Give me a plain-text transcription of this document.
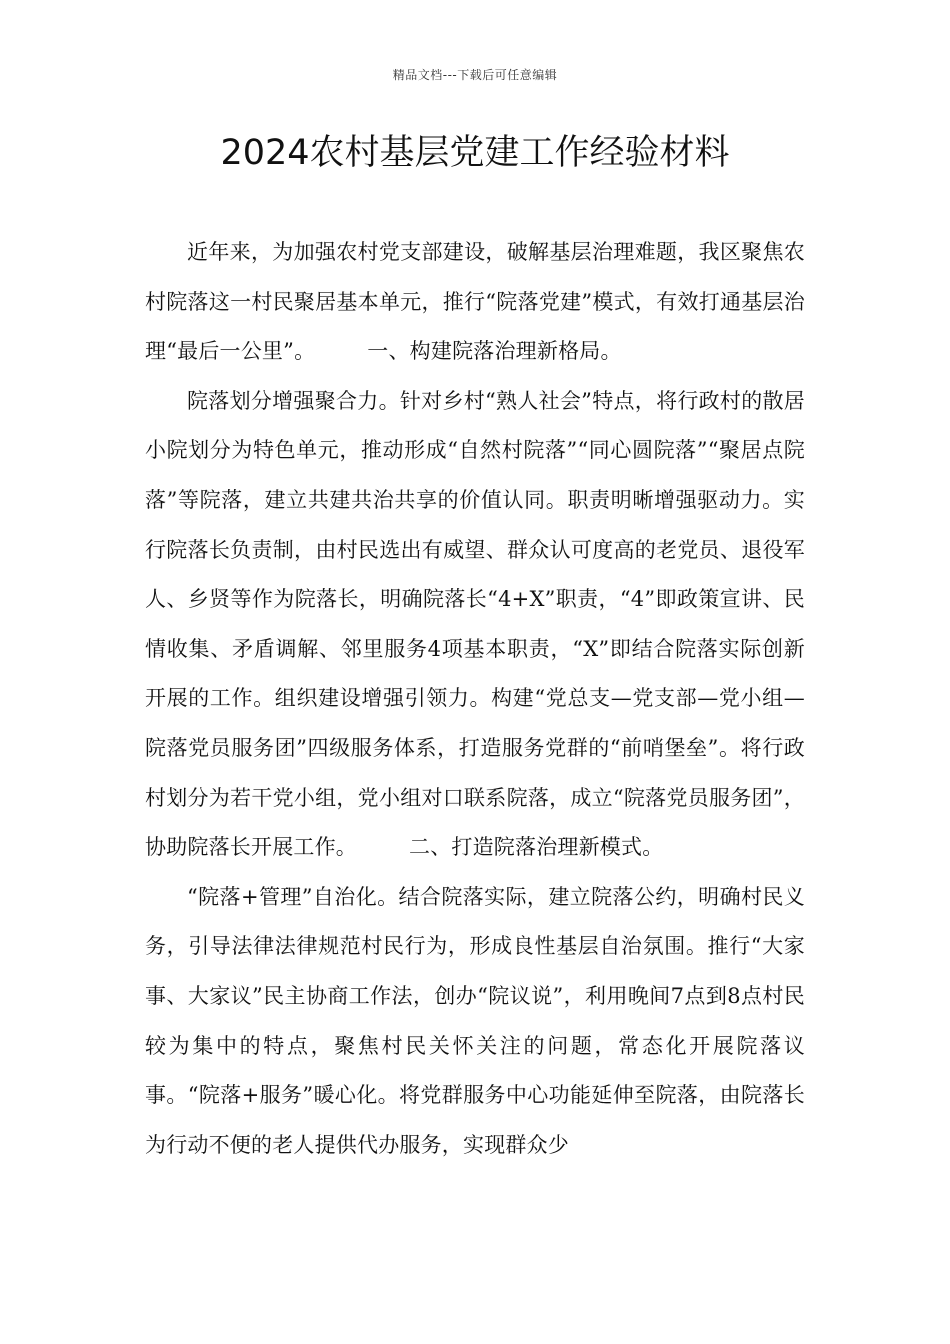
精品文档---下载后可任意编辑
2024农村基层党建工作经验材料

近年来，为加强农村党支部建设，破解基层治理难题，我区聚焦农村院落这一村民聚居基本单元，推行“院落党建”模式，有效打通基层治理“最后一公里”。 一、构建院落治理新格局。

院落划分增强聚合力。针对乡村“熟人社会”特点，将行政村的散居小院划分为特色单元，推动形成“自然村院落”“同心圆院落”“聚居点院落”等院落，建立共建共治共享的价值认同。职责明晰增强驱动力。实行院落长负责制，由村民选出有威望、群众认可度高的老党员、退役军人、乡贤等作为院落长，明确院落长“4+X”职责，“4”即政策宣讲、民情收集、矛盾调解、邻里服务4项基本职责，“X”即结合院落实际创新开展的工作。组织建设增强引领力。构建“党总支—党支部—党小组—院落党员服务团”四级服务体系，打造服务党群的“前哨堡垒”。将行政村划分为若干党小组，党小组对口联系院落，成立“院落党员服务团”，协助院落长开展工作。 二、打造院落治理新模式。

“院落+管理”自治化。结合院落实际，建立院落公约，明确村民义务，引导法律法律规范村民行为，形成良性基层自治氛围。推行“大家事、大家议”民主协商工作法，创办“院议说”，利用晚间7点到8点村民较为集中的特点，聚焦村民关怀关注的问题，常态化开展院落议事。“院落+服务”暖心化。将党群服务中心功能延伸至院落，由院落长为行动不便的老人提供代办服务，实现群众少
